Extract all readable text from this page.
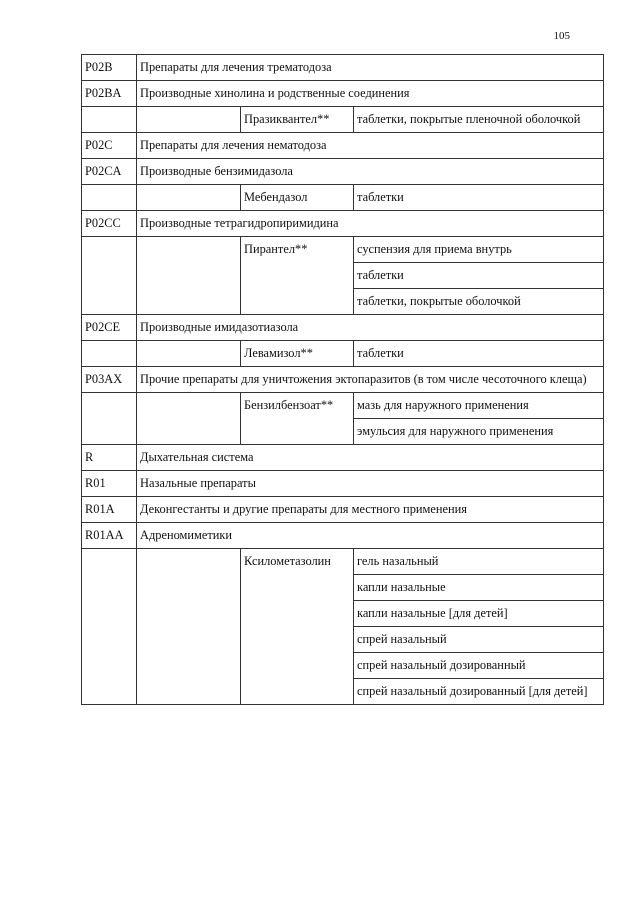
105
P02B	Препараты для лечения трематодоза		
P02BA	Производные хинолина и родственные соединения		
		Празиквантел**	таблетки, покрытые пленочной оболочкой
P02C	Препараты для лечения нематодоза		
P02CA	Производные бензимидазола		
		Мебендазол	таблетки
P02CC	Производные тетрагидропиримидина		
		Пирантел**	суспензия для приема внутрь
			таблетки
			таблетки, покрытые оболочкой
P02CE	Производные имидазотиазола		
		Левамизол**	таблетки
P03AX	Прочие препараты для уничтожения эктопаразитов (в том числе чесоточного клеща)		
		Бензилбензоат**	мазь для наружного применения
			эмульсия для наружного применения
R	Дыхательная система		
R01	Назальные препараты		
R01A	Деконгестанты и другие препараты для местного применения		
R01AA	Адреномиметики		
		Ксилометазолин	гель назальный
			капли назальные
			капли назальные [для детей]
			спрей назальный
			спрей назальный дозированный
			спрей назальный дозированный [для детей]
